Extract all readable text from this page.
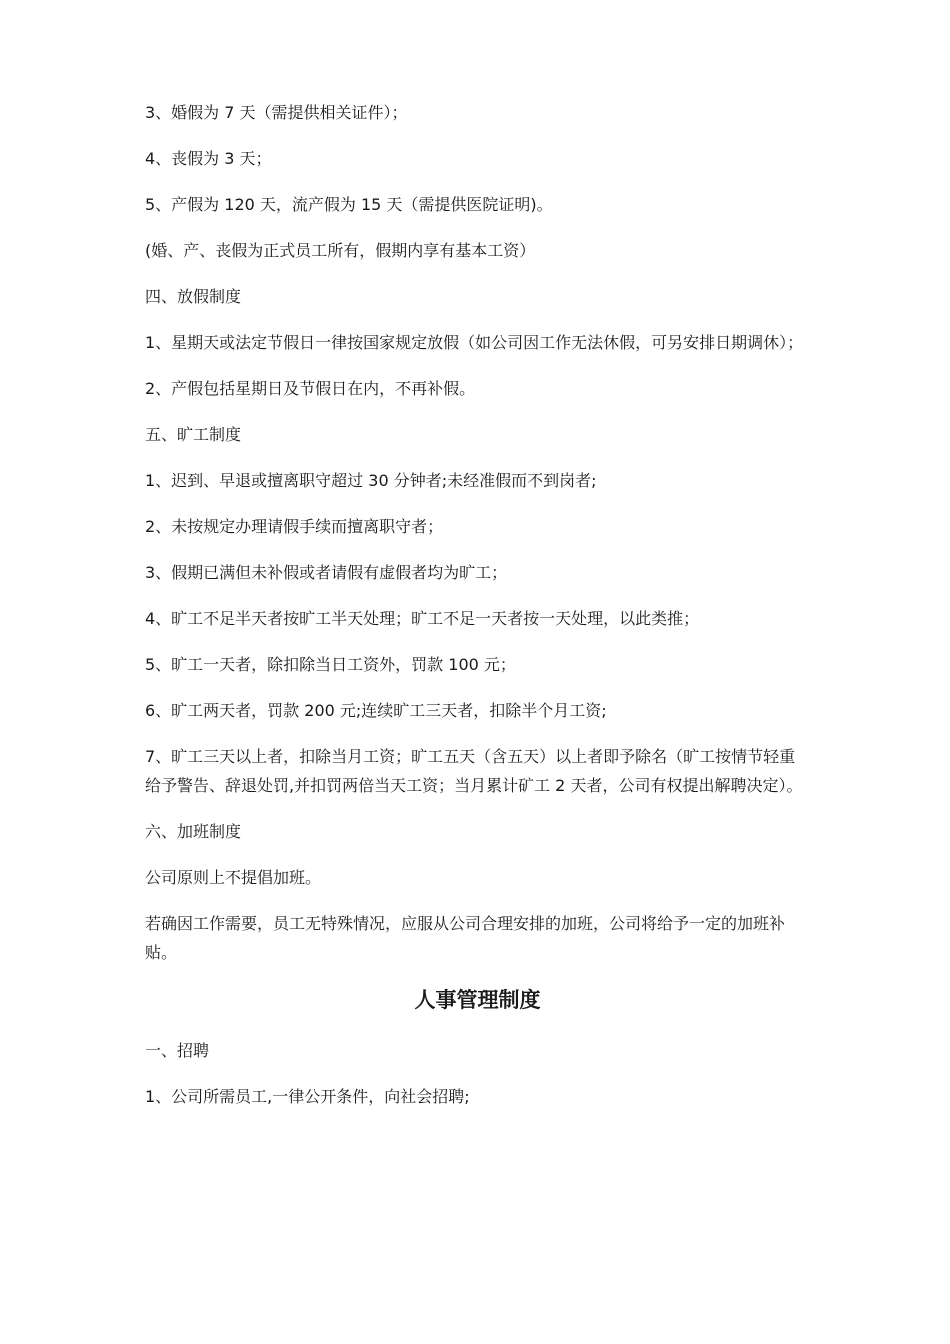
3、婚假为 7 天（需提供相关证件）；

4、丧假为 3 天；

5、产假为 120 天，流产假为 15 天（需提供医院证明)。

(婚、产、丧假为正式员工所有，假期内享有基本工资）

四、放假制度

1、星期天或法定节假日一律按国家规定放假（如公司因工作无法休假，可另安排日期调休）；

2、产假包括星期日及节假日在内，不再补假。

五、旷工制度

1、迟到、早退或擅离职守超过 30 分钟者;未经准假而不到岗者;

2、未按规定办理请假手续而擅离职守者；

3、假期已满但未补假或者请假有虚假者均为旷工；

4、旷工不足半天者按旷工半天处理；旷工不足一天者按一天处理，以此类推；

5、旷工一天者，除扣除当日工资外，罚款 100 元；

6、旷工两天者，罚款 200 元;连续旷工三天者，扣除半个月工资;

7、旷工三天以上者，扣除当月工资；旷工五天（含五天）以上者即予除名（旷工按情节轻重给予警告、辞退处罚,并扣罚两倍当天工资；当月累计矿工 2 天者，公司有权提出解聘决定）。

六、加班制度

公司原则上不提倡加班。

若确因工作需要，员工无特殊情况，应服从公司合理安排的加班，公司将给予一定的加班补贴。

人事管理制度

一、招聘

1、公司所需员工,一律公开条件，向社会招聘;
